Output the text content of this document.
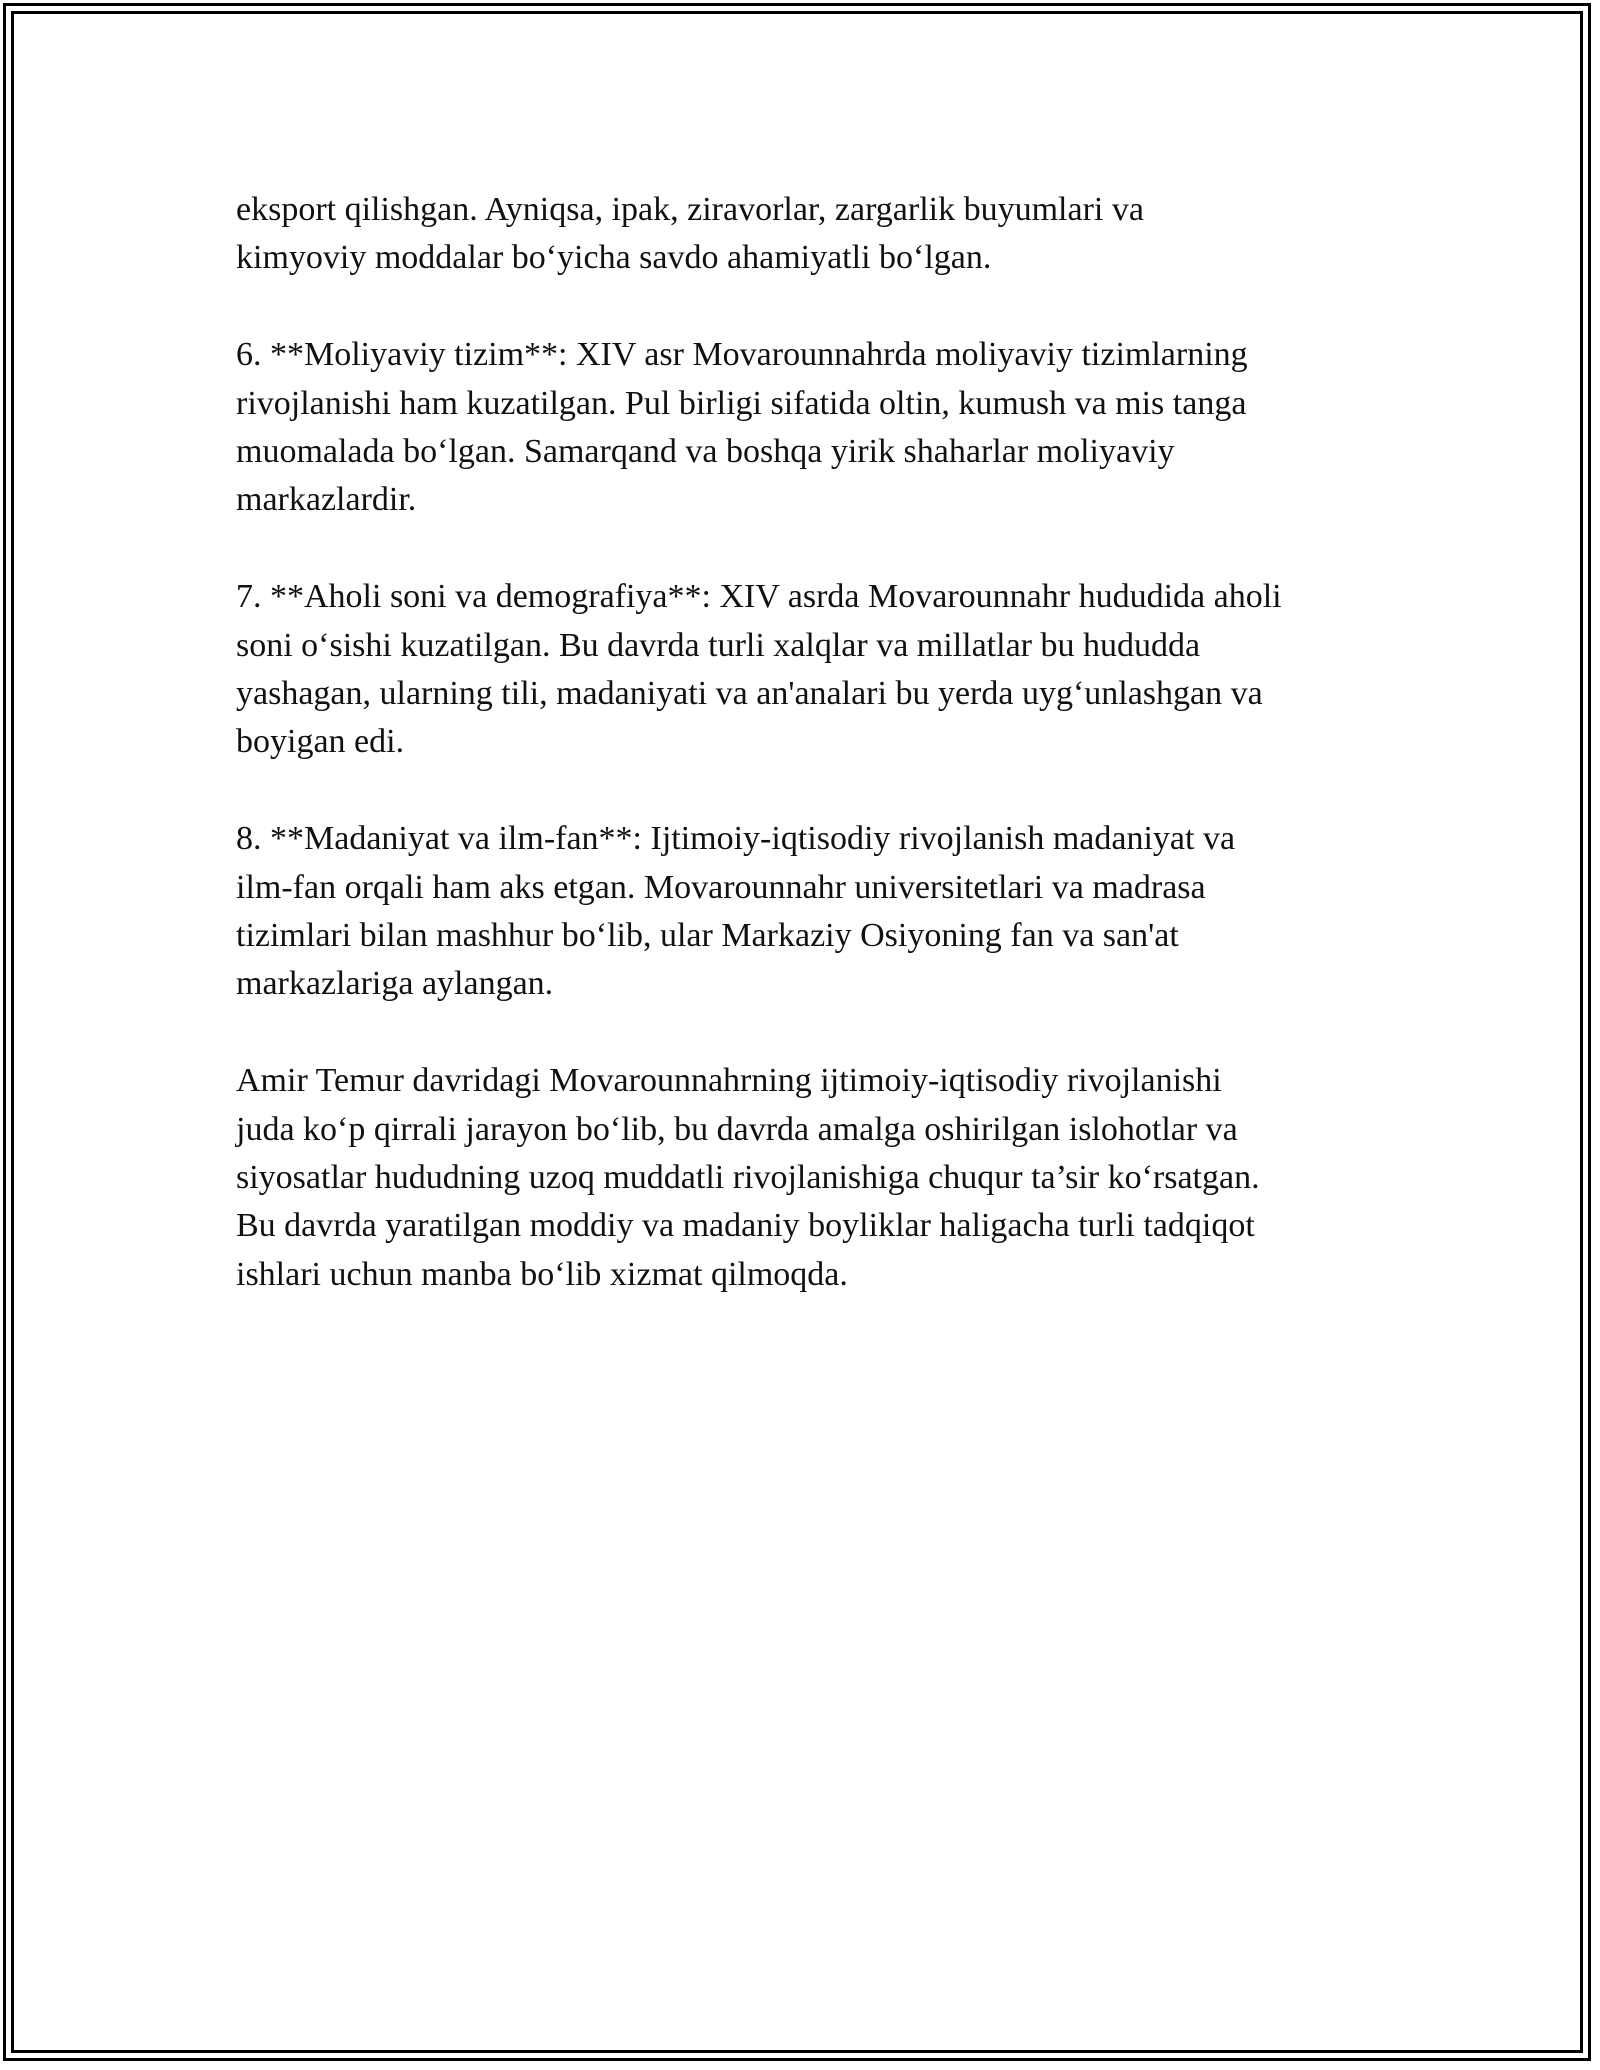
eksport qilishgan. Ayniqsa, ipak, ziravorlar, zargarlik buyumlari va
kimyoviy moddalar bo‘yicha savdo ahamiyatli bo‘lgan.
6. **Moliyaviy tizim**: XIV asr Movarounnahrda moliyaviy tizimlarning
rivojlanishi ham kuzatilgan. Pul birligi sifatida oltin, kumush va mis tanga
muomalada bo‘lgan. Samarqand va boshqa yirik shaharlar moliyaviy
markazlardir.
7. **Aholi soni va demografiya**: XIV asrda Movarounnahr hududida aholi
soni o‘sishi kuzatilgan. Bu davrda turli xalqlar va millatlar bu hududda
yashagan, ularning tili, madaniyati va an'analari bu yerda uyg‘unlashgan va
boyigan edi.
8. **Madaniyat va ilm-fan**: Ijtimoiy-iqtisodiy rivojlanish madaniyat va
ilm-fan orqali ham aks etgan. Movarounnahr universitetlari va madrasa
tizimlari bilan mashhur bo‘lib, ular Markaziy Osiyoning fan va san'at
markazlariga aylangan.
Amir Temur davridagi Movarounnahrning ijtimoiy-iqtisodiy rivojlanishi
juda ko‘p qirrali jarayon bo‘lib, bu davrda amalga oshirilgan islohotlar va
siyosatlar hududning uzoq muddatli rivojlanishiga chuqur ta’sir ko‘rsatgan.
Bu davrda yaratilgan moddiy va madaniy boyliklar haligacha turli tadqiqot
ishlari uchun manba bo‘lib xizmat qilmoqda.
